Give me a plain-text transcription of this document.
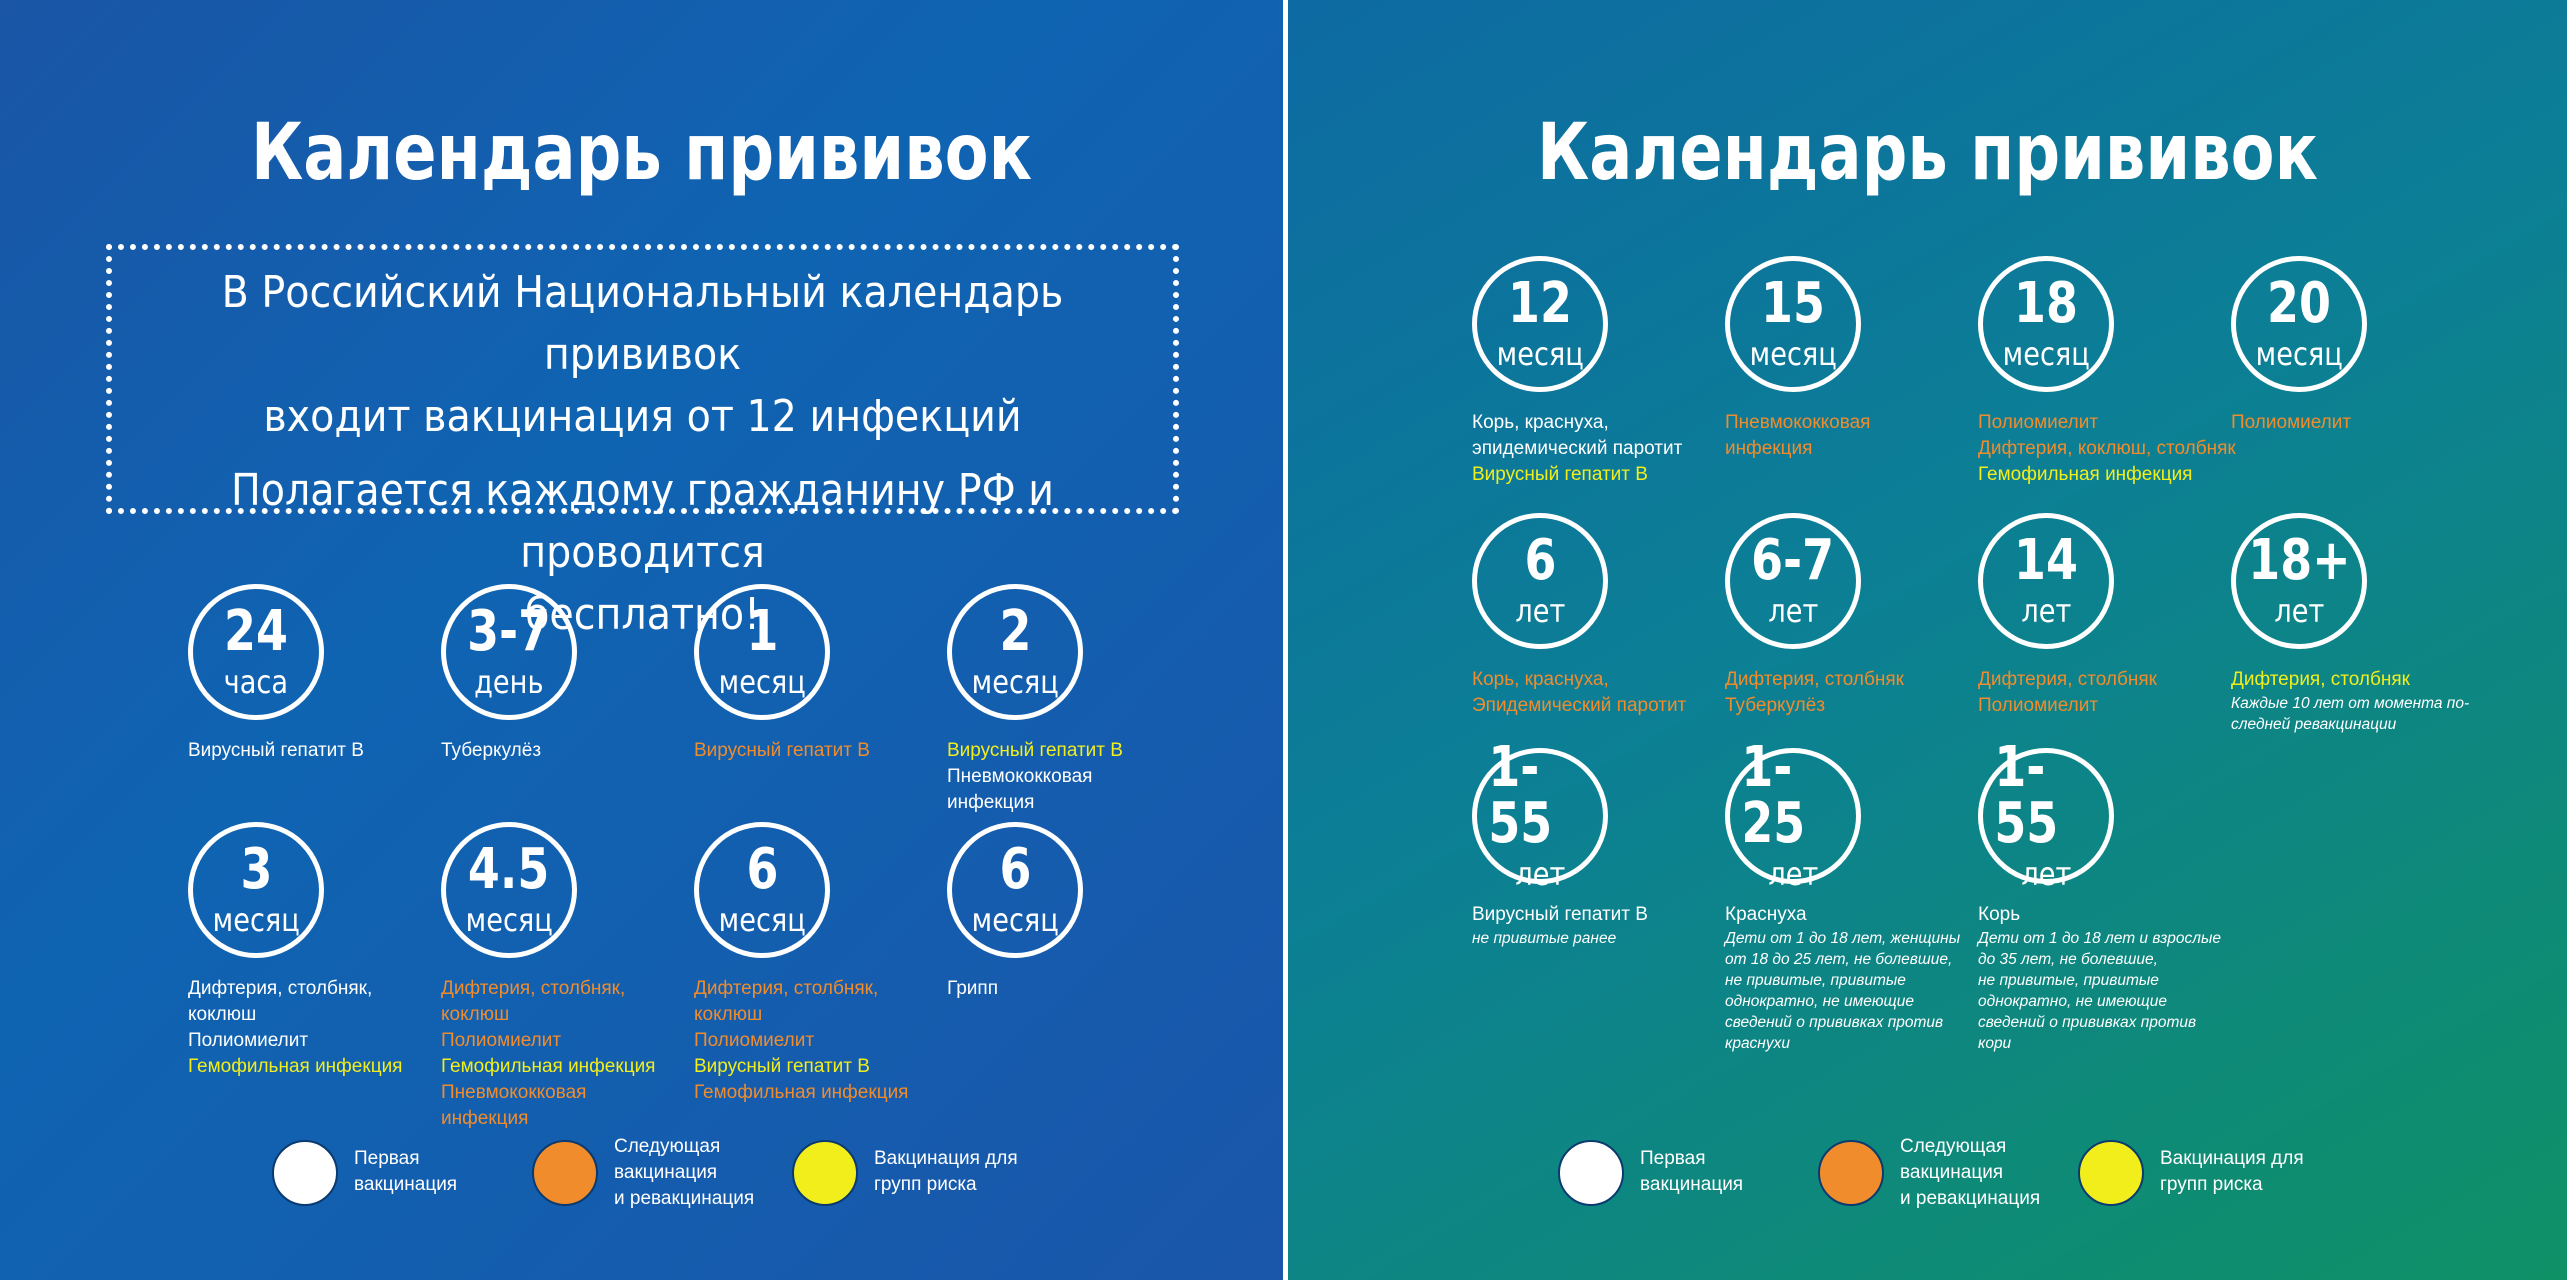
Календарь прививок
В Российский Национальный календарь прививок
входит вакцинация от 12 инфекций
Полагается каждому гражданину РФ и проводится
бесплатно!
24
часа
Вирусный гепатит В
3-7
день
Туберкулёз
1
месяц
Вирусный гепатит В
2
месяц
Вирусный гепатит В
Пневмококковая
инфекция
3
месяц
Дифтерия, столбняк,
коклюш
Полиомиелит
Гемофильная инфекция
4.5
месяц
Дифтерия, столбняк,
коклюш
Полиомиелит
Гемофильная инфекция
Пневмококковая
инфекция
6
месяц
Дифтерия, столбняк,
коклюш
Полиомиелит
Вирусный гепатит В
Гемофильная инфекция
6
месяц
Грипп
Первая
вакцинация
Следующая
вакцинация
и ревакцинация
Вакцинация для
групп риска
Календарь прививок
12
месяц
Корь, краснуха,
эпидемический паротит
Вирусный гепатит В
15
месяц
Пневмококковая
инфекция
18
месяц
Полиомиелит
Дифтерия, коклюш, столбняк
Гемофильная инфекция
20
месяц
Полиомиелит
6
лет
Корь, краснуха,
Эпидемический паротит
6-7
лет
Дифтерия, столбняк
Туберкулёз
14
лет
Дифтерия, столбняк
Полиомиелит
18+
лет
Дифтерия, столбняк
Каждые 10 лет от момента по-
следней ревакцинации
1-55
лет
Вирусный гепатит В
не привитые ранее
1-25
лет
Краснуха
Дети от 1 до 18 лет, женщины
от 18 до 25 лет, не болевшие,
не привитые, привитые
однократно, не имеющие
сведений о прививках против
краснухи
1-55
лет
Корь
Дети от 1 до 18 лет и взрослые
до 35 лет, не болевшие,
не привитые, привитые
однократно, не имеющие
сведений о прививках против
кори
Первая
вакцинация
Следующая
вакцинация
и ревакцинация
Вакцинация для
групп риска
